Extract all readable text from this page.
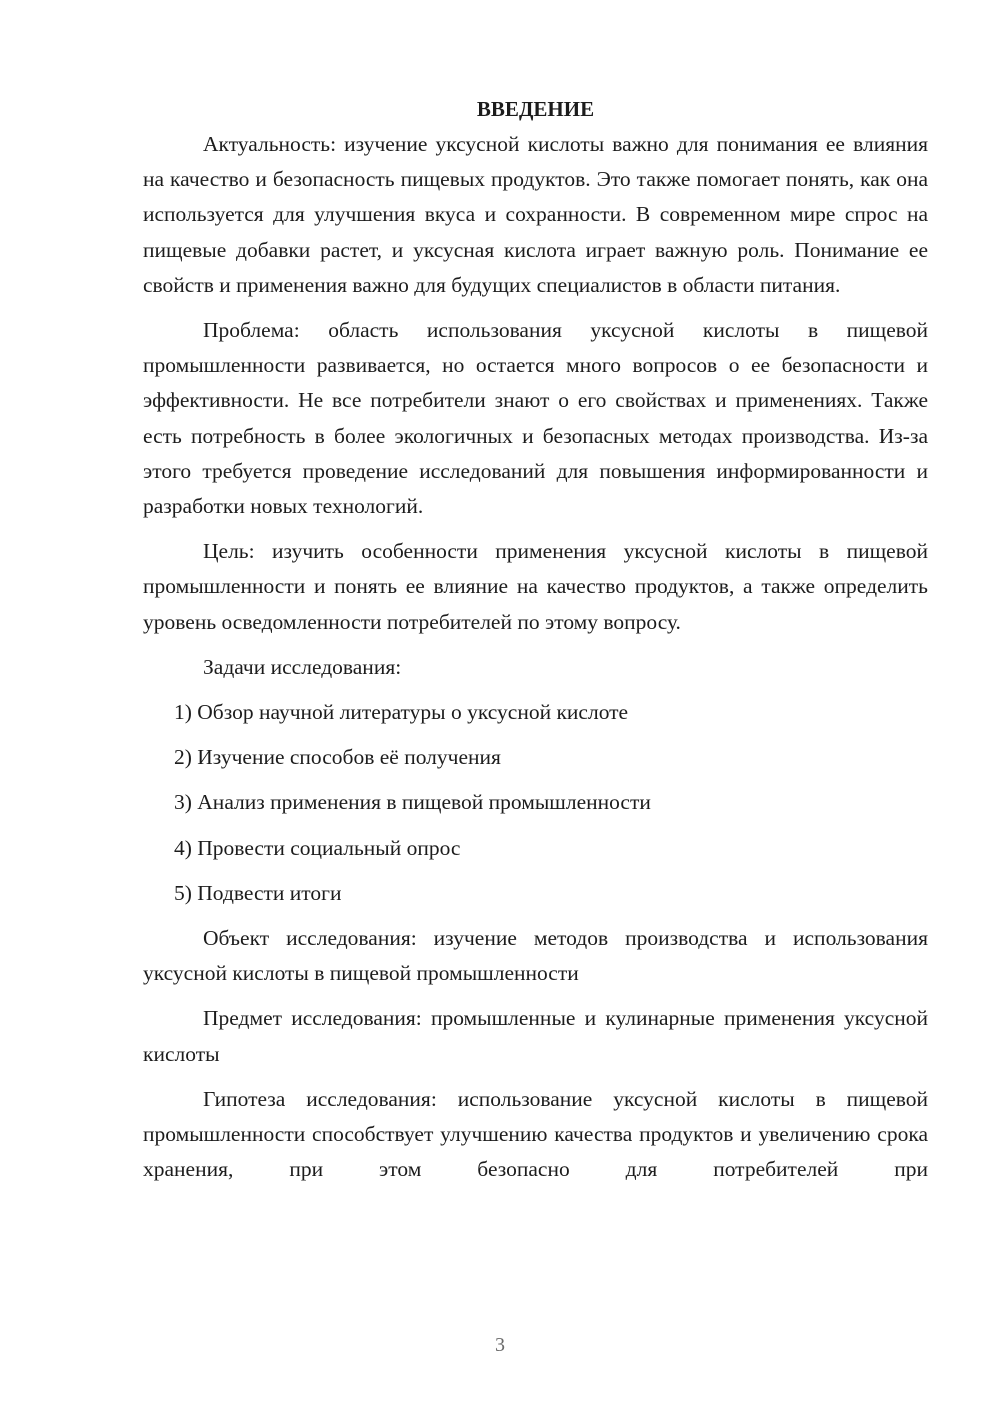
ВВЕДЕНИЕ

Актуальность: изучение уксусной кислоты важно для понимания ее влияния на качество и безопасность пищевых продуктов. Это также помогает понять, как она используется для улучшения вкуса и сохранности. В современном мире спрос на пищевые добавки растет, и уксусная кислота играет важную роль. Понимание ее свойств и применения важно для будущих специалистов в области питания.

Проблема: область использования уксусной кислоты в пищевой промышленности развивается, но остается много вопросов о ее безопасности и эффективности. Не все потребители знают о его свойствах и применениях. Также есть потребность в более экологичных и безопасных методах производства. Из-за этого требуется проведение исследований для повышения информированности и разработки новых технологий.

Цель: изучить особенности применения уксусной кислоты в пищевой промышленности и понять ее влияние на качество продуктов, а также определить уровень осведомленности потребителей по этому вопросу.

Задачи исследования:

1) Обзор научной литературы о уксусной кислоте

2) Изучение способов её получения

3) Анализ применения в пищевой промышленности

4) Провести социальный опрос

5) Подвести итоги

Объект исследования: изучение методов производства и использования уксусной кислоты в пищевой промышленности

Предмет исследования: промышленные и кулинарные применения уксусной кислоты

Гипотеза исследования: использование уксусной кислоты в пищевой промышленности способствует улучшению качества продуктов и увеличению срока хранения, при этом безопасно для потребителей при

3
